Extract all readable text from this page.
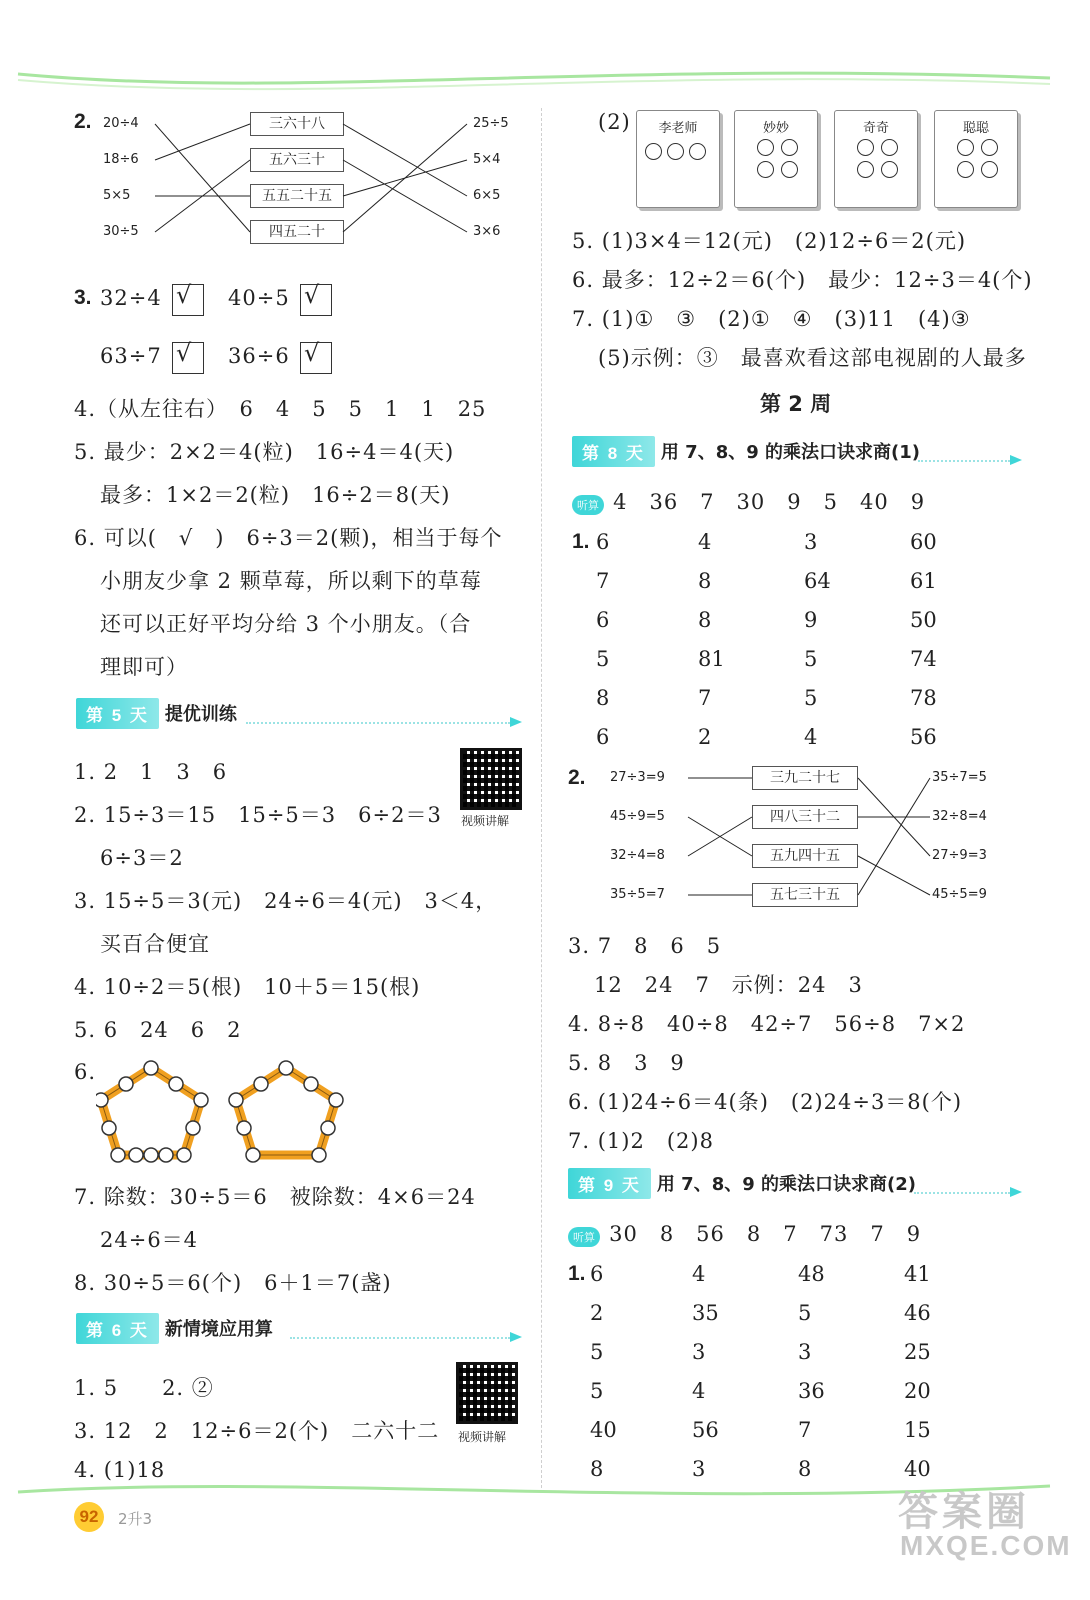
2. 20÷4
18÷6
5×5
30÷5
三六十八
五六三十
五五二十五
四五二十
25÷5
5×4
6×5
3×6
3. 32÷4 √ 40÷5 √
63÷7 √ 36÷6 √
4.（从左往右）　6　4　5　5　1　1　25
5. 最少：2×2＝4(粒)　16÷4＝4(天)
最多：1×2＝2(粒)　16÷2＝8(天)
6. 可以(　√　)　6÷3＝2(颗)，相当于每个
小朋友少拿 2 颗草莓，所以剩下的草莓
还可以正好平均分给 3 个小朋友。（合
理即可）
第 5 天 提优训练
视频讲解
1. 2　1　3　6
2. 15÷3＝15　15÷5＝3　6÷2＝3
6÷3＝2
3. 15÷5＝3(元)　24÷6＝4(元)　3＜4，
买百合便宜
4. 10÷2＝5(根)　10＋5＝15(根)
5. 6　24　6　2
6.
7. 除数：30÷5＝6　被除数：4×6＝24
24÷6＝4
8. 30÷5＝6(个)　6＋1＝7(盏)
第 6 天 新情境应用算
视频讲解
1. 5　　2. ②
3. 12　2　12÷6＝2(个)　二六十二
4. (1)18
(2)	李老师	妙妙	奇奇	聪聪
5. (1)3×4＝12(元)　(2)12÷6＝2(元)
6. 最多：12÷2＝6(个)　最少：12÷3＝4(个)
7. (1)①　③　(2)①　④　(3)11　(4)③
(5)示例：③　最喜欢看这部电视剧的人最多
第 2 周
第 8 天 用 7、8、9 的乘法口诀求商(1)
听算 4　36　7　30　9　5　40　9
1. 6	4	3	60
7	8	64	61
6	8	9	50
5	81	5	74
8	7	5	78
6	2	4	56
2. 27÷3=9
45÷9=5
32÷4=8
35÷5=7
三九二十七
四八三十二
五九四十五
五七三十五
35÷7=5
32÷8=4
27÷9=3
45÷5=9
3. 7　8　6　5
12　24　7　示例：24　3
4. 8÷8　40÷8　42÷7　56÷8　7×2
5. 8　3　9
6. (1)24÷6＝4(条)　(2)24÷3＝8(个)
7. (1)2　(2)8
第 9 天 用 7、8、9 的乘法口诀求商(2)
听算 30　8　56　8　7　73　7　9
1. 6	4	48	41
2	35	5	46
5	3	3	25
5	4	36	20
40	56	7	15
8	3	8	40
92	2升3	答案圈
MXQE.COM
